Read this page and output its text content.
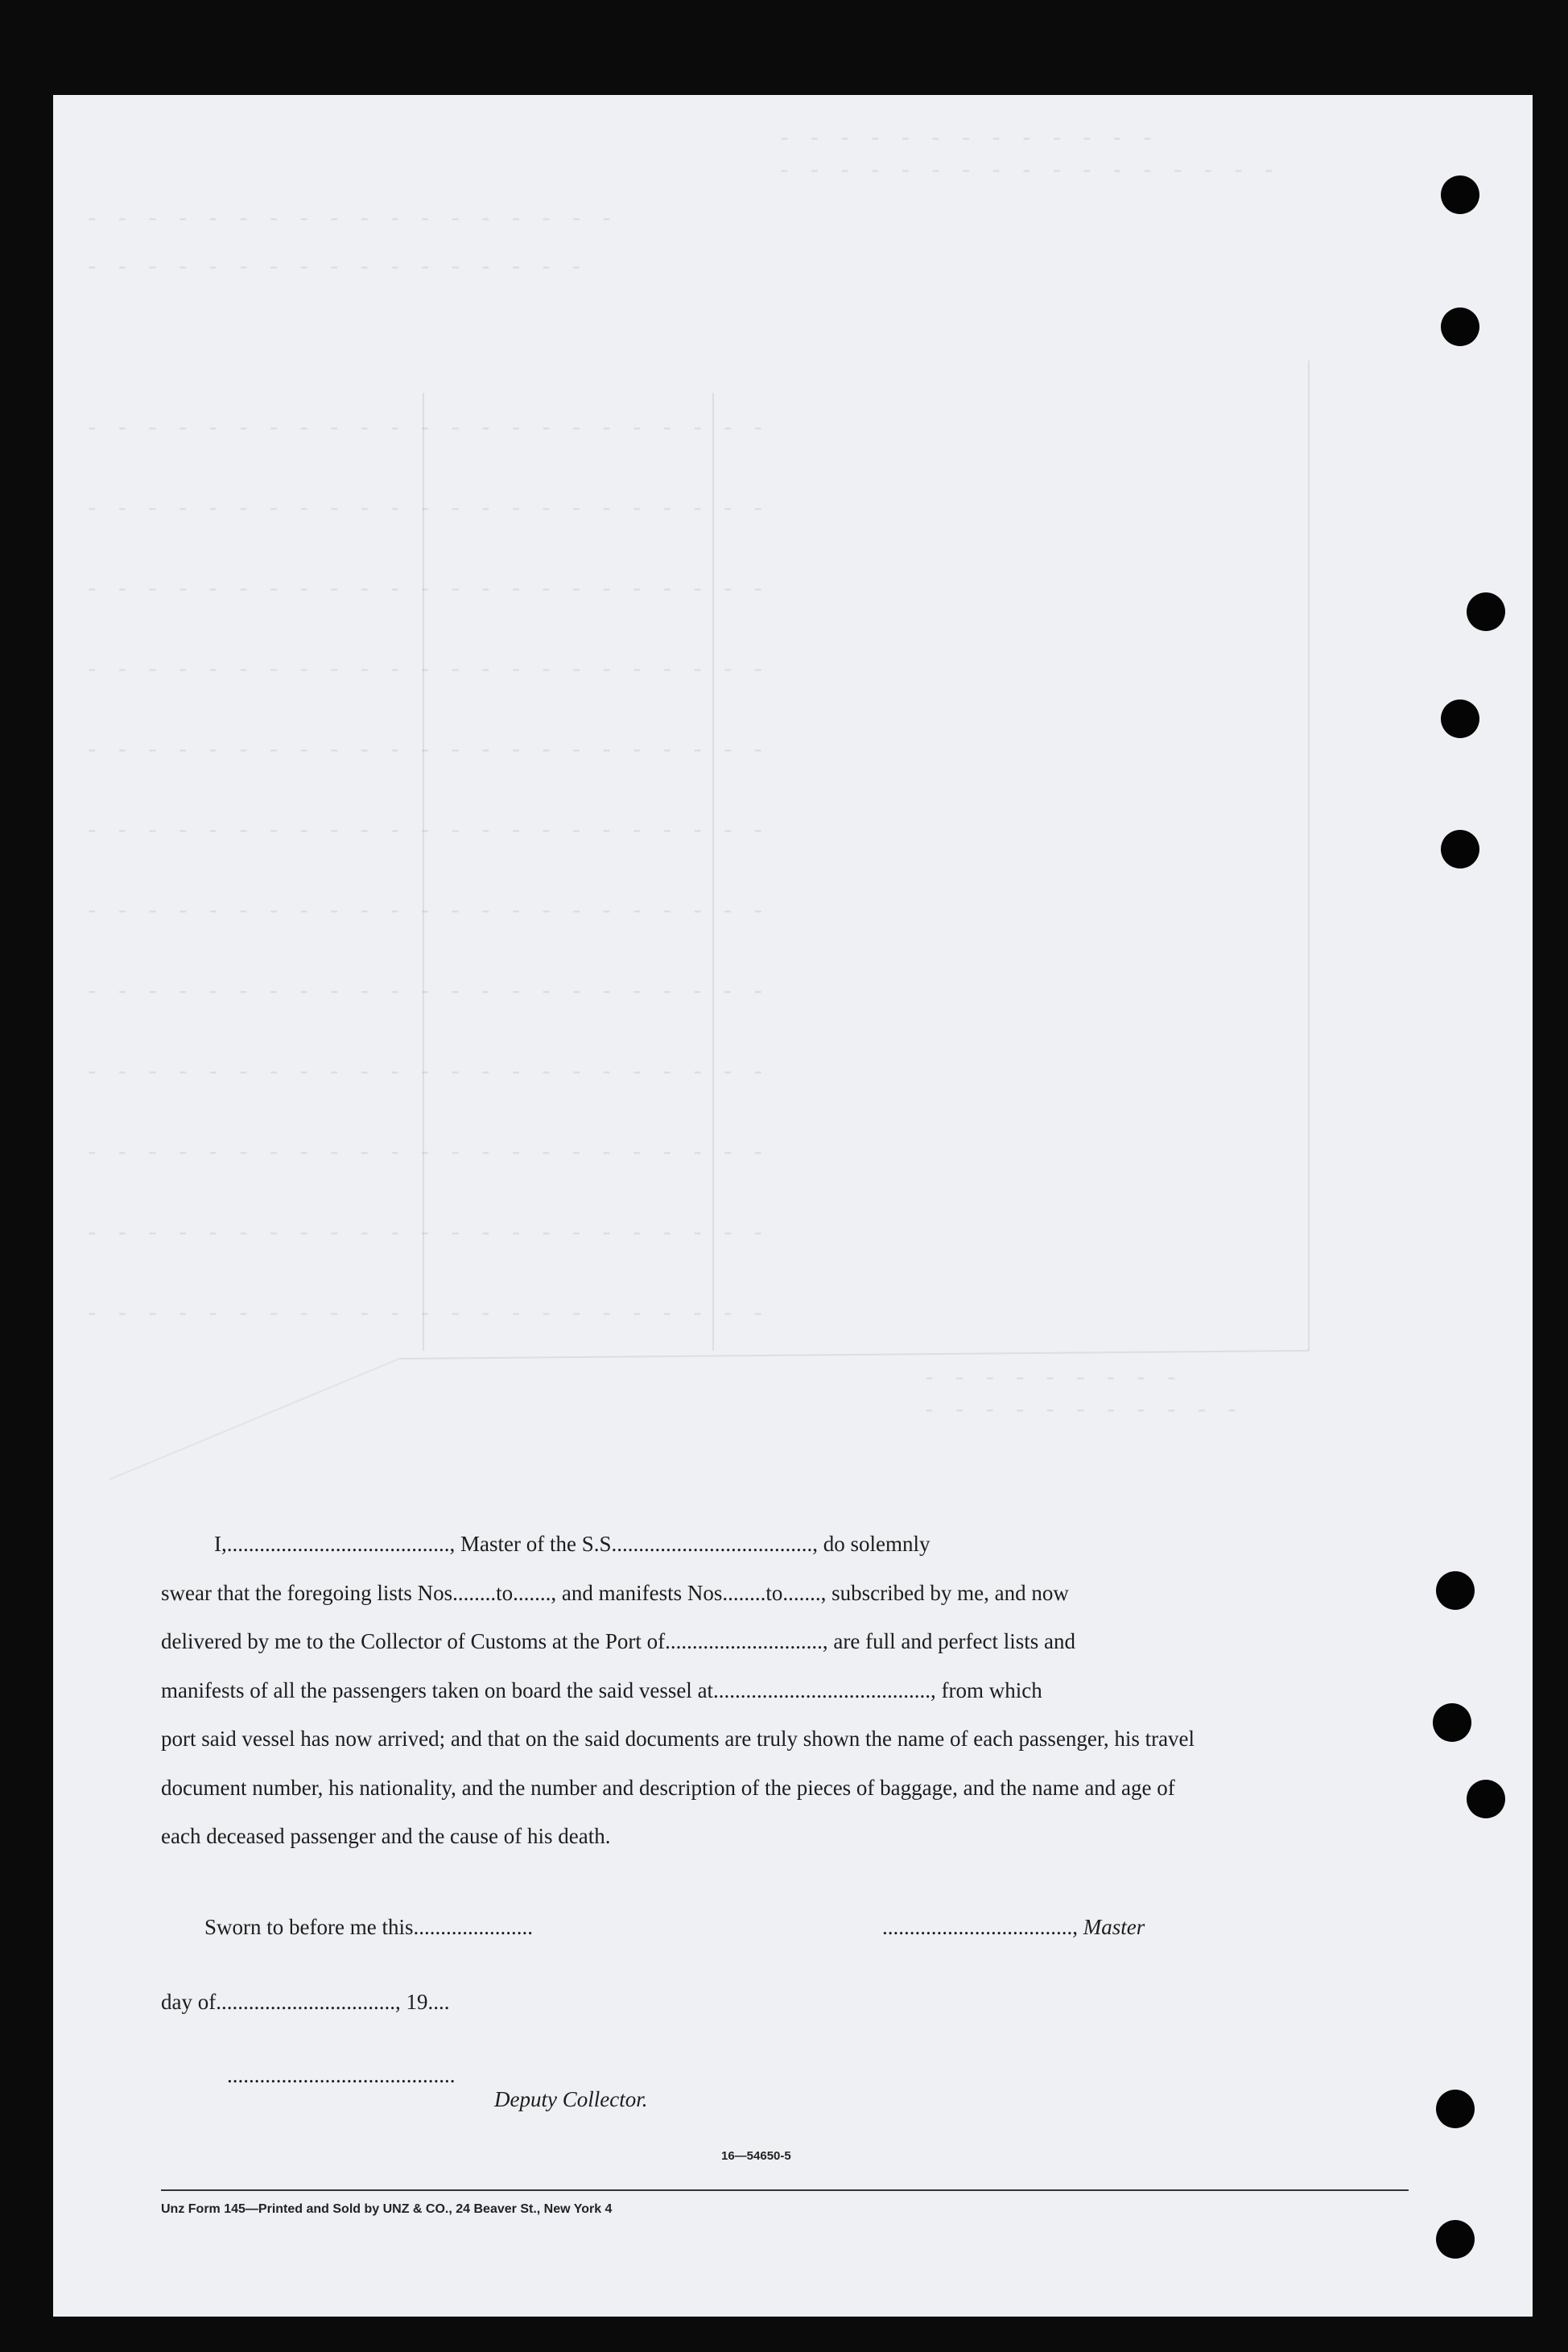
- - - - - - - - - - - - -
- - - - - - - - - - - - - - - - -
- - - - - - - - - - - - - - - - - -
- - - - - - - - - - - - - - - - -
- - - - - - - - - - - - - - - - - - - - - - -
- - - - - - - - - - - - - - - - - - - - - - -
- - - - - - - - - - - - - - - - - - - - - - -
- - - - - - - - - - - - - - - - - - - - - - -
- - - - - - - - - - - - - - - - - - - - - - -
- - - - - - - - - - - - - - - - - - - - - - -
- - - - - - - - - - - - - - - - - - - - - - -
- - - - - - - - - - - - - - - - - - - - - - -
- - - - - - - - - - - - - - - - - - - - - - -
- - - - - - - - - - - - - - - - - - - - - - -
- - - - - - - - - - - - - - - - - - - - - - -
- - - - - - - - - - - - - - - - - - - - - - -
- - - - - - - - -
- - - - - - - - - - -

I,........................................., Master of the S.S....................................., do solemnly

swear that the foregoing lists Nos........to......., and manifests Nos........to......., subscribed by me, and now

delivered by me to the Collector of Customs at the Port of............................., are full and perfect lists and

manifests of all the passengers taken on board the said vessel at........................................, from which

port said vessel has now arrived; and that on the said documents are truly shown the name of each passenger, his travel

document number, his nationality, and the number and description of the pieces of baggage, and the name and age of

each deceased passenger and the cause of his death.

Sworn to before me this......................	..................................., Master
day of................................., 19....
..........................................
Deputy Collector.
16—54650-5
Unz Form 145—Printed and Sold by UNZ & CO., 24 Beaver St., New York 4
